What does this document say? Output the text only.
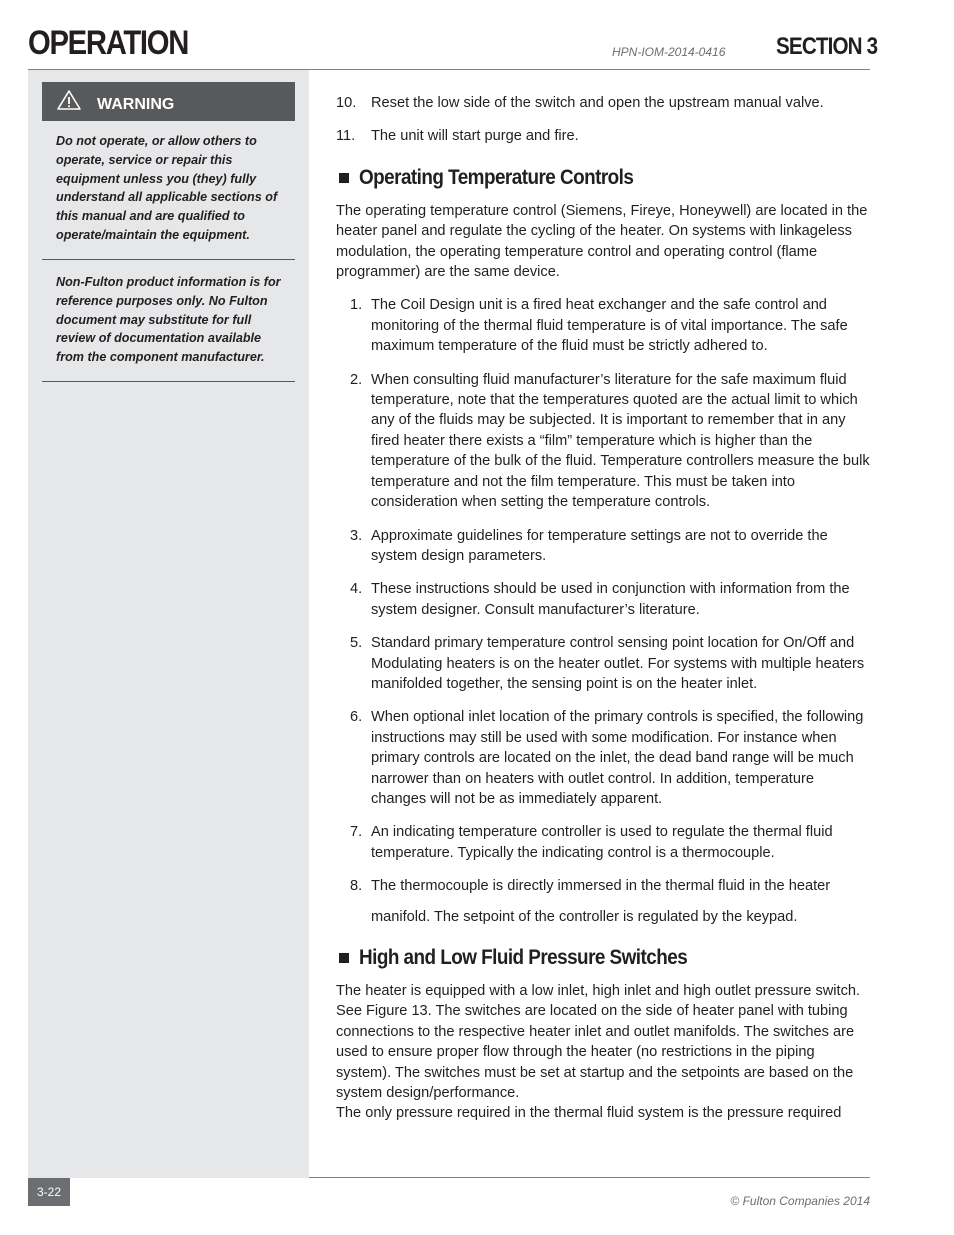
OPERATION	HPN-IOM-2014-0416 SECTION 3
WARNING

Do not operate, or allow others to operate, service or repair this equipment unless you (they) fully understand all applicable sections of this manual and are qualified to operate/maintain the equipment.

Non-Fulton product information is for reference purposes only. No Fulton document may substitute for full review of documentation available from the component manufacturer.

10.	Reset the low side of the switch and open the upstream manual valve.
11.	The unit will start purge and fire.
Operating Temperature Controls

The operating temperature control (Siemens, Fireye, Honeywell) are located in the heater panel and regulate the cycling of the heater. On systems with linkageless modulation, the operating temperature control and operating control (flame programmer) are the same device.

1. The Coil Design unit is a fired heat exchanger and the safe control and monitoring of the thermal fluid temperature is of vital importance. The safe maximum temperature of the fluid must be strictly adhered to.
2. When consulting fluid manufacturer’s literature for the safe maximum fluid temperature, note that the temperatures quoted are the actual limit to which any of the fluids may be subjected. It is important to remember that in any fired heater there exists a “film” temperature which is higher than the temperature of the bulk of the fluid. Temperature controllers measure the bulk temperature and not the film temperature. This must be taken into consideration when setting the temperature controls.
3. Approximate guidelines for temperature settings are not to override the system design parameters.
4. These instructions should be used in conjunction with information from the system designer. Consult manufacturer’s literature.
5. Standard primary temperature control sensing point location for On/Off and Modulating heaters is on the heater outlet. For systems with multiple heaters manifolded together, the sensing point is on the heater inlet.
6. When optional inlet location of the primary controls is specified, the following instructions may still be used with some modification. For instance when primary controls are located on the inlet, the dead band range will be much narrower than on heaters with outlet control. In addition, temperature changes will not be as immediately apparent.
7. An indicating temperature controller is used to regulate the thermal fluid temperature. Typically the indicating control is a thermocouple.
8. The thermocouple is directly immersed in the thermal fluid in the heater
manifold. The setpoint of the controller is regulated by the keypad.
High and Low Fluid Pressure Switches

The heater is equipped with a low inlet, high inlet and high outlet pressure switch. See Figure 13. The switches are located on the side of heater panel with tubing connections to the respective heater inlet and outlet manifolds. The switches are used to ensure proper flow through the heater (no restrictions in the piping system). The switches must be set at startup and the setpoints are based on the system design/performance.

The only pressure required in the thermal fluid system is the pressure required

3-22
© Fulton Companies 2014
